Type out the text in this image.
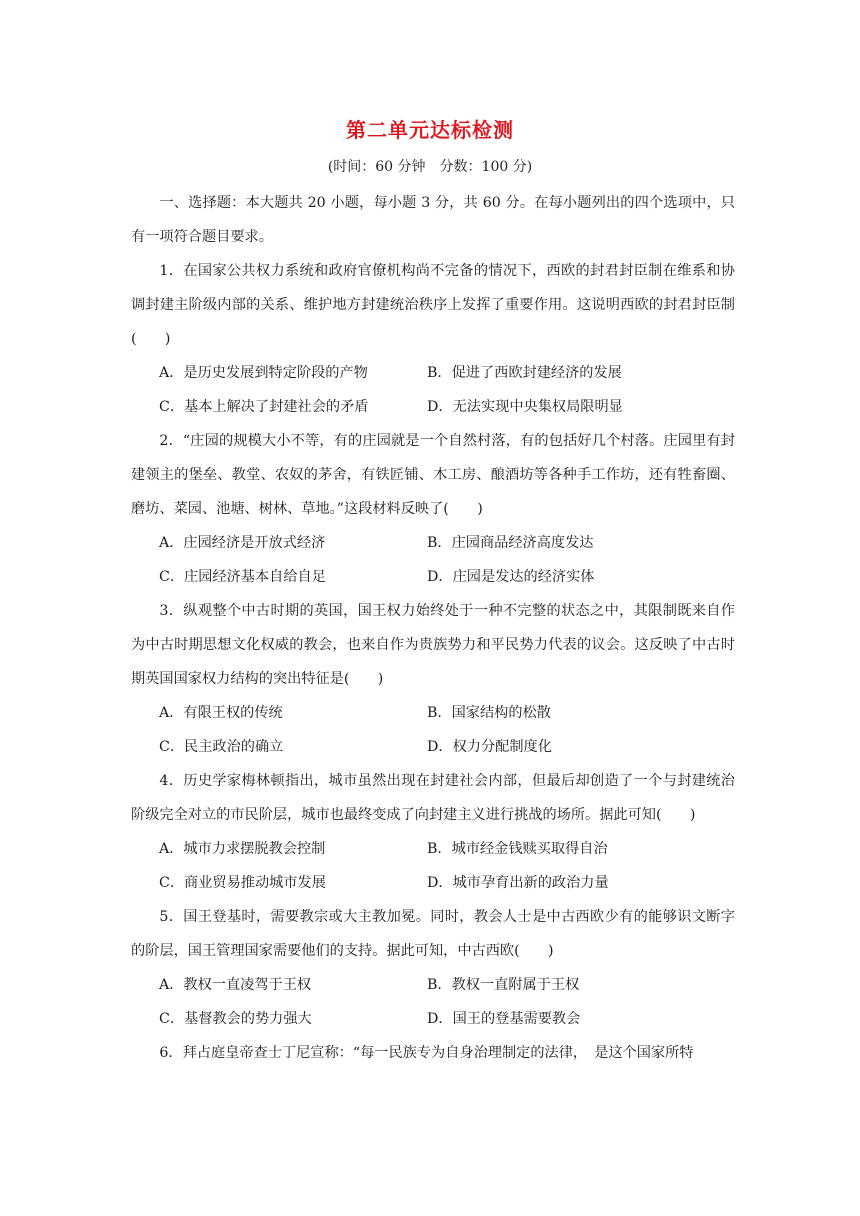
第二单元达标检测

(时间：60 分钟　分数：100 分)

一、选择题：本大题共 20 小题，每小题 3 分，共 60 分。在每小题列出的四个选项中，只有一项符合题目要求。

1．在国家公共权力系统和政府官僚机构尚不完备的情况下，西欧的封君封臣制在维系和协调封建主阶级内部的关系、维护地方封建统治秩序上发挥了重要作用。这说明西欧的封君封臣制(　　)

A．是历史发展到特定阶段的产物	B．促进了西欧封建经济的发展
C．基本上解决了封建社会的矛盾	D．无法实现中央集权局限明显

2．“庄园的规模大小不等，有的庄园就是一个自然村落，有的包括好几个村落。庄园里有封建领主的堡垒、教堂、农奴的茅舍，有铁匠铺、木工房、酿酒坊等各种手工作坊，还有牲畜圈、磨坊、菜园、池塘、树林、草地。”这段材料反映了(　　)

A．庄园经济是开放式经济	B．庄园商品经济高度发达
C．庄园经济基本自给自足	D．庄园是发达的经济实体

3．纵观整个中古时期的英国，国王权力始终处于一种不完整的状态之中，其限制既来自作为中古时期思想文化权威的教会，也来自作为贵族势力和平民势力代表的议会。这反映了中古时期英国国家权力结构的突出特征是(　　)

A．有限王权的传统	B．国家结构的松散
C．民主政治的确立	D．权力分配制度化

4．历史学家梅林顿指出，城市虽然出现在封建社会内部，但最后却创造了一个与封建统治阶级完全对立的市民阶层，城市也最终变成了向封建主义进行挑战的场所。据此可知(　　)

A．城市力求摆脱教会控制	B．城市经金钱赎买取得自治
C．商业贸易推动城市发展	D．城市孕育出新的政治力量

5．国王登基时，需要教宗或大主教加冕。同时，教会人士是中古西欧少有的能够识文断字的阶层，国王管理国家需要他们的支持。据此可知，中古西欧(　　)

A．教权一直凌驾于王权	B．教权一直附属于王权
C．基督教会的势力强大	D．国王的登基需要教会

6．拜占庭皇帝查士丁尼宣称：“每一民族专为自身治理制定的法律，　是这个国家所特
